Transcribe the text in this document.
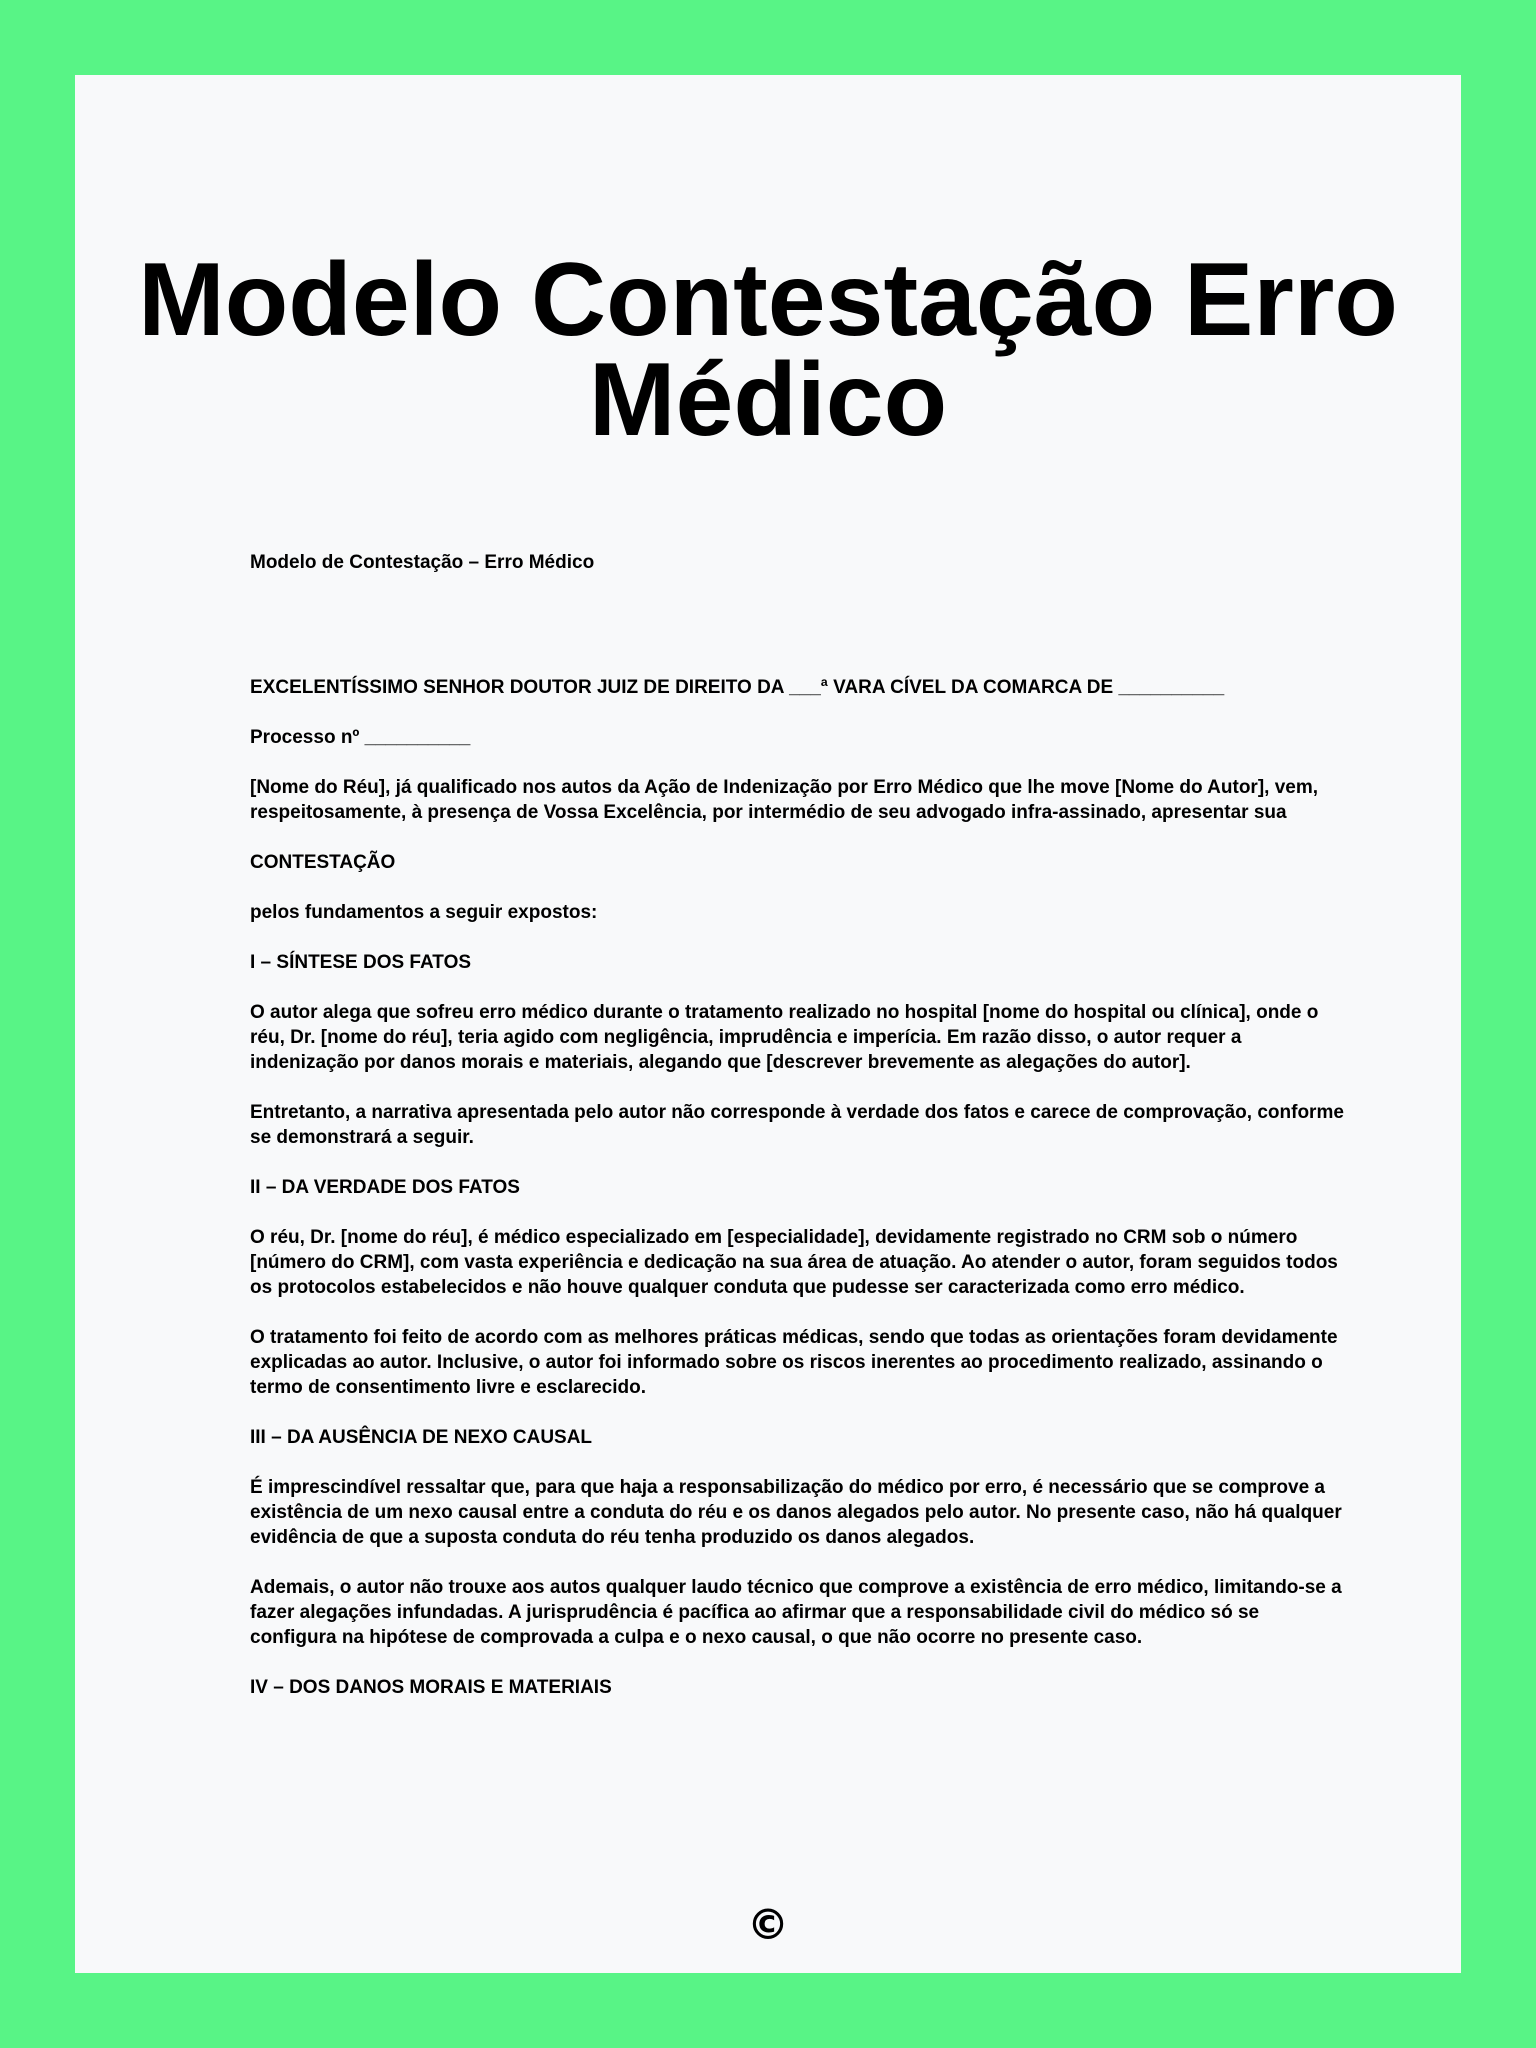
Modelo Contestação Erro Médico

Modelo de Contestação – Erro Médico

EXCELENTÍSSIMO SENHOR DOUTOR JUIZ DE DIREITO DA ___ª VARA CÍVEL DA COMARCA DE __________

Processo nº __________

[Nome do Réu], já qualificado nos autos da Ação de Indenização por Erro Médico que lhe move [Nome do Autor], vem, respeitosamente, à presença de Vossa Excelência, por intermédio de seu advogado infra-assinado, apresentar sua

CONTESTAÇÃO

pelos fundamentos a seguir expostos:

I – SÍNTESE DOS FATOS

O autor alega que sofreu erro médico durante o tratamento realizado no hospital [nome do hospital ou clínica], onde o réu, Dr. [nome do réu], teria agido com negligência, imprudência e imperícia. Em razão disso, o autor requer a indenização por danos morais e materiais, alegando que [descrever brevemente as alegações do autor].

Entretanto, a narrativa apresentada pelo autor não corresponde à verdade dos fatos e carece de comprovação, conforme se demonstrará a seguir.

II – DA VERDADE DOS FATOS

O réu, Dr. [nome do réu], é médico especializado em [especialidade], devidamente registrado no CRM sob o número [número do CRM], com vasta experiência e dedicação na sua área de atuação. Ao atender o autor, foram seguidos todos os protocolos estabelecidos e não houve qualquer conduta que pudesse ser caracterizada como erro médico.

O tratamento foi feito de acordo com as melhores práticas médicas, sendo que todas as orientações foram devidamente explicadas ao autor. Inclusive, o autor foi informado sobre os riscos inerentes ao procedimento realizado, assinando o termo de consentimento livre e esclarecido.

III – DA AUSÊNCIA DE NEXO CAUSAL

É imprescindível ressaltar que, para que haja a responsabilização do médico por erro, é necessário que se comprove a existência de um nexo causal entre a conduta do réu e os danos alegados pelo autor. No presente caso, não há qualquer evidência de que a suposta conduta do réu tenha produzido os danos alegados.

Ademais, o autor não trouxe aos autos qualquer laudo técnico que comprove a existência de erro médico, limitando-se a fazer alegações infundadas. A jurisprudência é pacífica ao afirmar que a responsabilidade civil do médico só se configura na hipótese de comprovada a culpa e o nexo causal, o que não ocorre no presente caso.

IV – DOS DANOS MORAIS E MATERIAIS

©
